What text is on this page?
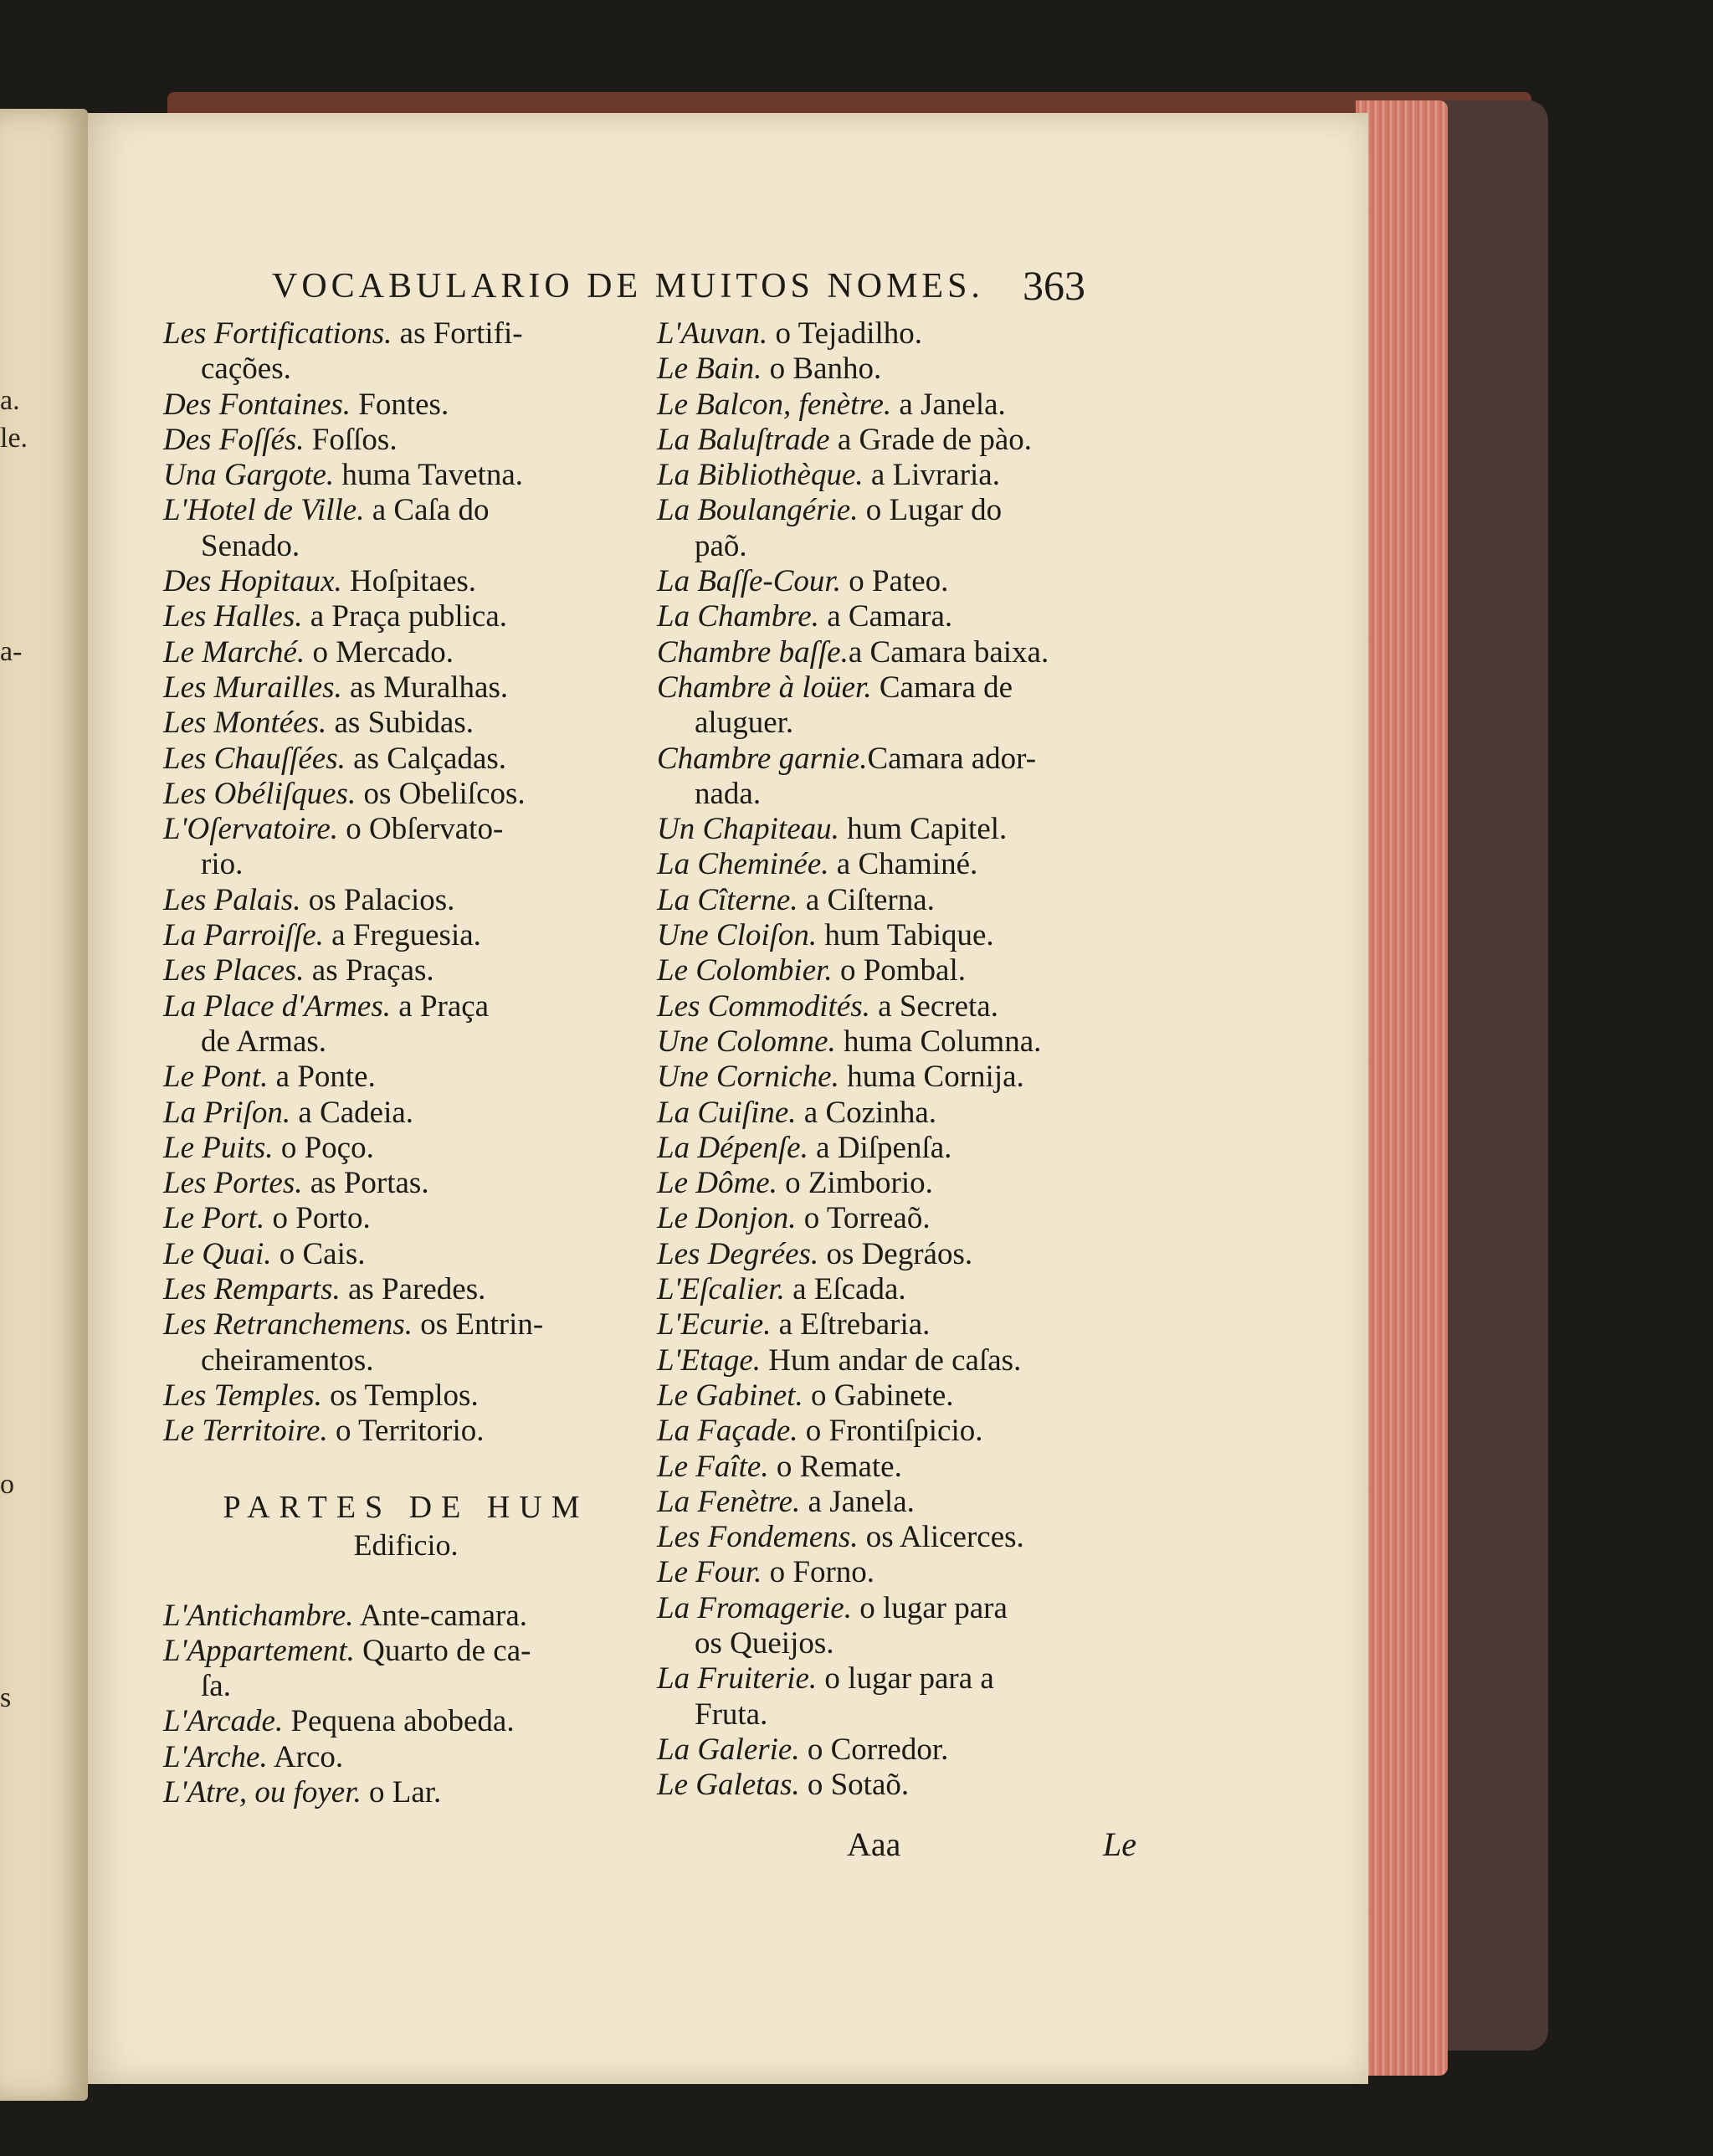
a.
le.
a-
o
s
VOCABULARIO DE MUITOS NOMES. 363
Les Fortifications. as Fortifi-
cações.
Des Fontaines. Fontes.
Des Foſſés. Foſſos.
Una Gargote. huma Tavetna.
L'Hotel de Ville. a Caſa do
Senado.
Des Hopitaux. Hoſpitaes.
Les Halles. a Praça publica.
Le Marché. o Mercado.
Les Murailles. as Muralhas.
Les Montées. as Subidas.
Les Chauſſées. as Calçadas.
Les Obéliſques. os Obeliſcos.
L'Oſervatoire. o Obſervato-
rio.
Les Palais. os Palacios.
La Parroiſſe. a Freguesia.
Les Places. as Praças.
La Place d'Armes. a Praça
de Armas.
Le Pont. a Ponte.
La Priſon. a Cadeia.
Le Puits. o Poço.
Les Portes. as Portas.
Le Port. o Porto.
Le Quai. o Cais.
Les Remparts. as Paredes.
Les Retranchemens. os Entrin-
cheiramentos.
Les Temples. os Templos.
Le Territoire. o Territorio.
PARTES DE HUM
Edificio.
L'Antichambre. Ante-camara.
L'Appartement. Quarto de ca-
ſa.
L'Arcade. Pequena abobeda.
L'Arche. Arco.
L'Atre, ou foyer. o Lar.
L'Auvan. o Tejadilho.
Le Bain. o Banho.
Le Balcon, fenètre. a Janela.
La Baluſtrade a Grade de pào.
La Bibliothèque. a Livraria.
La Boulangérie. o Lugar do
paõ.
La Baſſe-Cour. o Pateo.
La Chambre. a Camara.
Chambre baſſe.a Camara baixa.
Chambre à loüer. Camara de
aluguer.
Chambre garnie.Camara ador-
nada.
Un Chapiteau. hum Capitel.
La Cheminée. a Chaminé.
La Cîterne. a Ciſterna.
Une Cloiſon. hum Tabique.
Le Colombier. o Pombal.
Les Commodités. a Secreta.
Une Colomne. huma Columna.
Une Corniche. huma Cornija.
La Cuiſine. a Cozinha.
La Dépenſe. a Diſpenſa.
Le Dôme. o Zimborio.
Le Donjon. o Torreaõ.
Les Degrées. os Degráos.
L'Eſcalier. a Eſcada.
L'Ecurie. a Eſtrebaria.
L'Etage. Hum andar de caſas.
Le Gabinet. o Gabinete.
La Façade. o Frontiſpicio.
Le Faîte. o Remate.
La Fenètre. a Janela.
Les Fondemens. os Alicerces.
Le Four. o Forno.
La Fromagerie. o lugar para
os Queijos.
La Fruiterie. o lugar para a
Fruta.
La Galerie. o Corredor.
Le Galetas. o Sotaõ.
Aaa	Le
